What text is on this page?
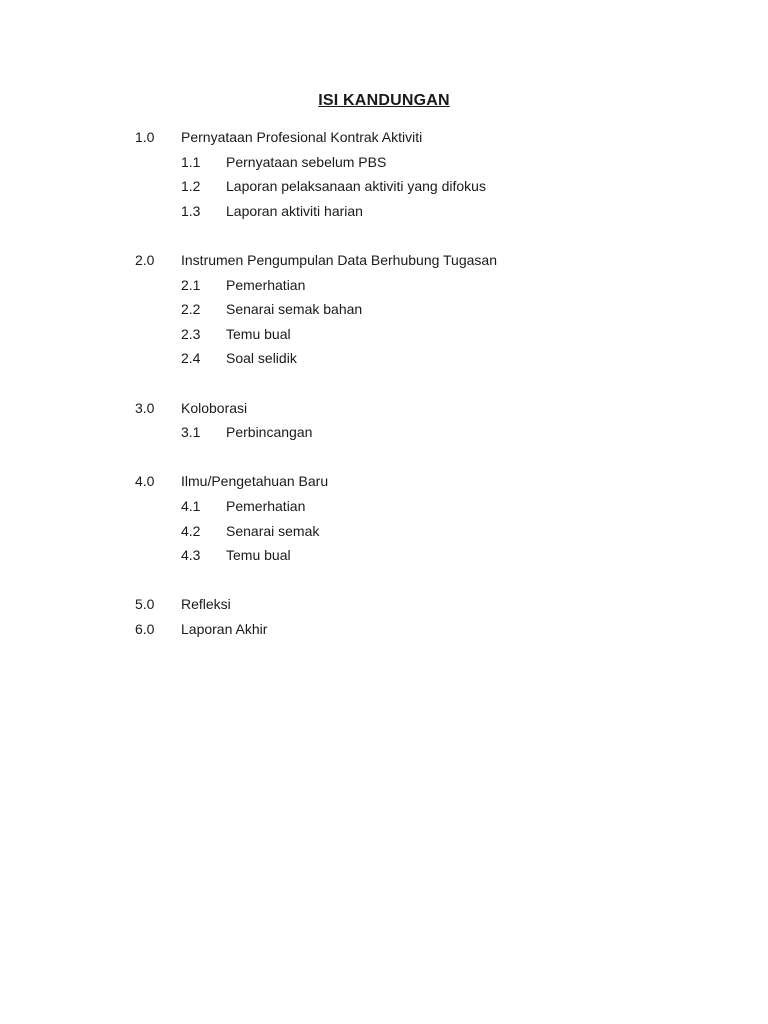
ISI KANDUNGAN
1.0 Pernyataan Profesional Kontrak Aktiviti
1.1 Pernyataan sebelum PBS
1.2 Laporan pelaksanaan aktiviti yang difokus
1.3 Laporan aktiviti harian
2.0 Instrumen Pengumpulan Data Berhubung Tugasan
2.1 Pemerhatian
2.2 Senarai semak bahan
2.3 Temu bual
2.4 Soal selidik
3.0 Koloborasi
3.1 Perbincangan
4.0 Ilmu/Pengetahuan Baru
4.1 Pemerhatian
4.2 Senarai semak
4.3 Temu bual
5.0 Refleksi
6.0 Laporan Akhir
